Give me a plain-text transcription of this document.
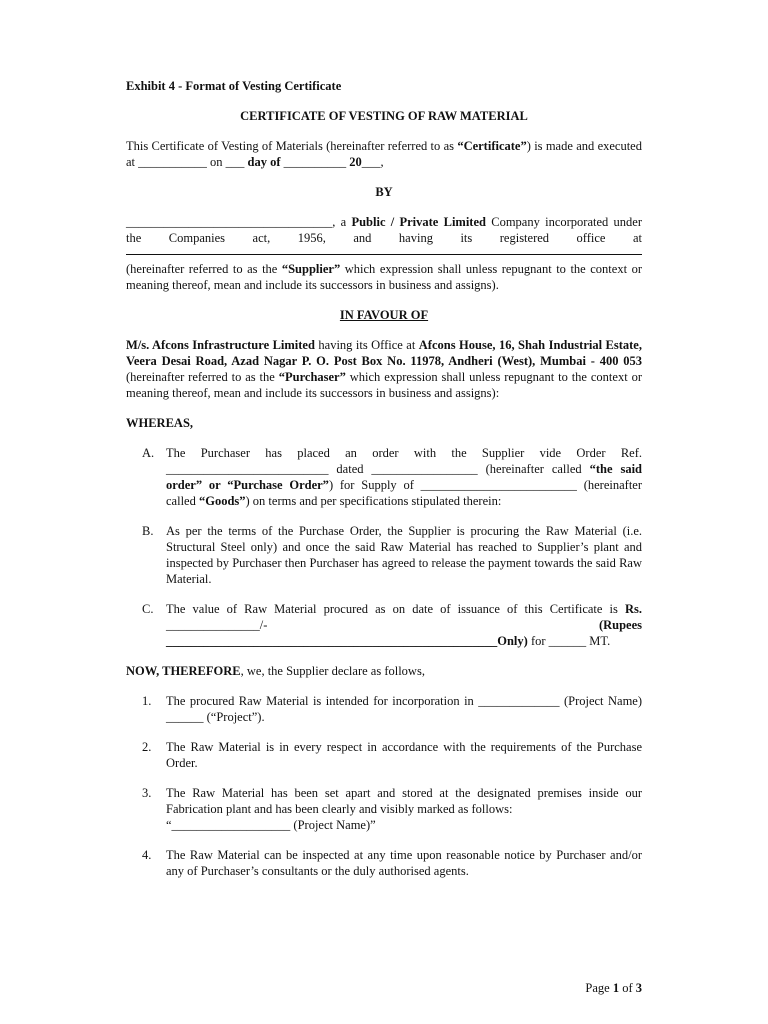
Exhibit 4 - Format of Vesting Certificate

CERTIFICATE OF VESTING OF RAW MATERIAL

This Certificate of Vesting of Materials (hereinafter referred to as “Certificate”) is made and executed at ___________ on ___ day of __________ 20___,

BY

_________________________________, a Public / Private Limited Company incorporated under the Companies act, 1956, and having its registered office at

(hereinafter referred to as the “Supplier” which expression shall unless repugnant to the context or meaning thereof, mean and include its successors in business and assigns).

IN FAVOUR OF

M/s. Afcons Infrastructure Limited having its Office at Afcons House, 16, Shah Industrial Estate, Veera Desai Road, Azad Nagar P. O. Post Box No. 11978, Andheri (West), Mumbai - 400 053 (hereinafter referred to as the “Purchaser” which expression shall unless repugnant to the context or meaning thereof, mean and include its successors in business and assigns):

WHEREAS,

A. The Purchaser has placed an order with the Supplier vide Order Ref. __________________________ dated _________________ (hereinafter called “the said order” or “Purchase Order”) for Supply of _________________________ (hereinafter called “Goods”) on terms and per specifications stipulated therein:
B.	As per the terms of the Purchase Order, the Supplier is procuring the Raw Material (i.e. Structural Steel only) and once the said Raw Material has reached to Supplier’s plant and inspected by Purchaser then Purchaser has agreed to release the payment towards the said Raw Material.
C.	The value of Raw Material procured as on date of issuance of this Certificate is Rs. _______________/- (Rupees _____________________________________________________Only) for ______ MT.

NOW, THEREFORE, we, the Supplier declare as follows,

1.	The procured Raw Material is intended for incorporation in _____________ (Project Name) ______ (“Project”).
2.	The Raw Material is in every respect in accordance with the requirements of the Purchase Order.
3.	The Raw Material has been set apart and stored at the designated premises inside our Fabrication plant and has been clearly and visibly marked as follows:
“___________________ (Project Name)”
4.	The Raw Material can be inspected at any time upon reasonable notice by Purchaser and/or any of Purchaser’s consultants or the duly authorised agents.
Page 1 of 3
